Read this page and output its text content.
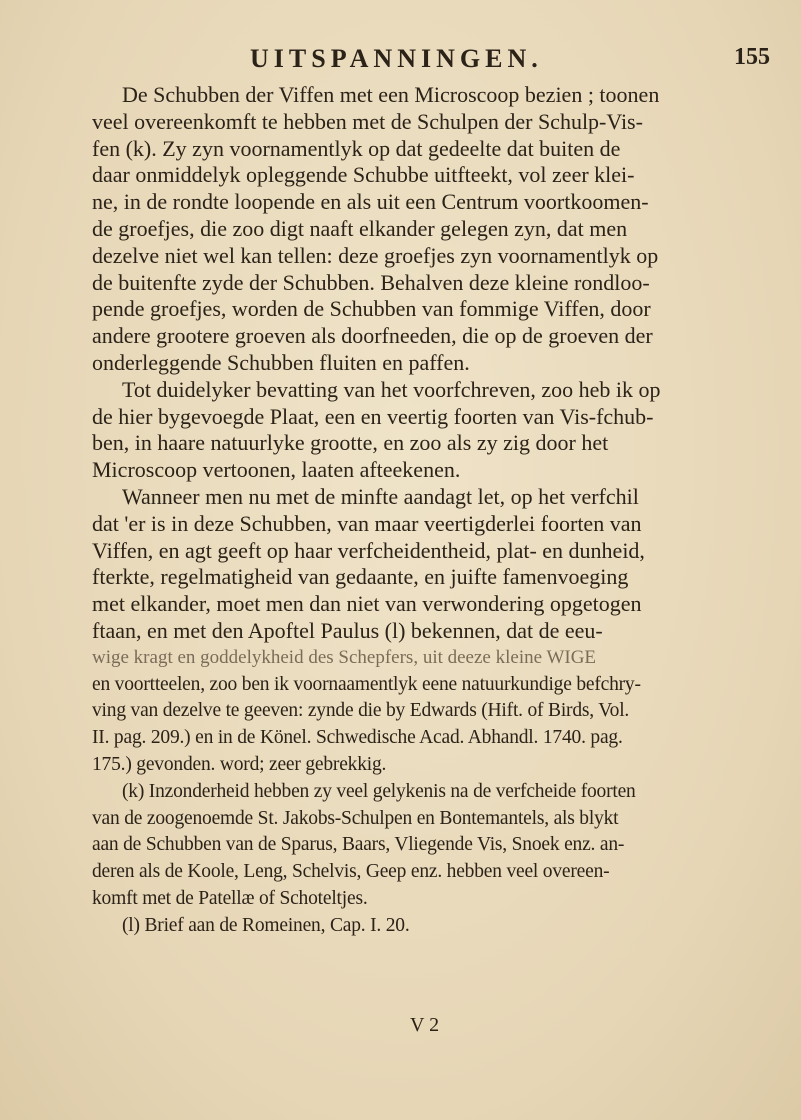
UITSPANNINGEN.	155
De Schubben der Viffen met een Microscoop bezien ; toonen
veel overeenkomft te hebben met de Schulpen der Schulp-Vis-
fen (k). Zy zyn voornamentlyk op dat gedeelte dat buiten de
daar onmiddelyk opleggende Schubbe uitfteekt, vol zeer klei-
ne, in de rondte loopende en als uit een Centrum voortkoomen-
de groefjes, die zoo digt naaft elkander gelegen zyn, dat men
dezelve niet wel kan tellen: deze groefjes zyn voornamentlyk op
de buitenfte zyde der Schubben. Behalven deze kleine rondloo-
pende groefjes, worden de Schubben van fommige Viffen, door
andere grootere groeven als doorfneeden, die op de groeven der
onderleggende Schubben fluiten en paffen.
Tot duidelyker bevatting van het voorfchreven, zoo heb ik op
de hier bygevoegde Plaat, een en veertig foorten van Vis-fchub-
ben, in haare natuurlyke grootte, en zoo als zy zig door het
Microscoop vertoonen, laaten afteekenen.
Wanneer men nu met de minfte aandagt let, op het verfchil
dat 'er is in deze Schubben, van maar veertigderlei foorten van
Viffen, en agt geeft op haar verfcheidentheid, plat- en dunheid,
fterkte, regelmatigheid van gedaante, en juifte famenvoeging
met elkander, moet men dan niet van verwondering opgetogen
ftaan, en met den Apoftel Paulus (l) bekennen, dat de eeu-
wige kragt en goddelykheid des Schepfers, uit deeze kleine WIGE
en voortteelen, zoo ben ik voornaamentlyk eene natuurkundige befchry-
ving van dezelve te geeven: zynde die by Edwards (Hift. of Birds, Vol.
II. pag. 209.) en in de Könel. Schwedische Acad. Abhandl. 1740. pag.
175.) gevonden. word; zeer gebrekkig.
(k) Inzonderheid hebben zy veel gelykenis na de verfcheide foorten
van de zoogenoemde St. Jakobs-Schulpen en Bontemantels, als blykt
aan de Schubben van de Sparus, Baars, Vliegende Vis, Snoek enz. an-
deren als de Koole, Leng, Schelvis, Geep enz. hebben veel overeen-
komft met de Patellæ of Schoteltjes.
(l) Brief aan de Romeinen, Cap. I. 20.
V 2
